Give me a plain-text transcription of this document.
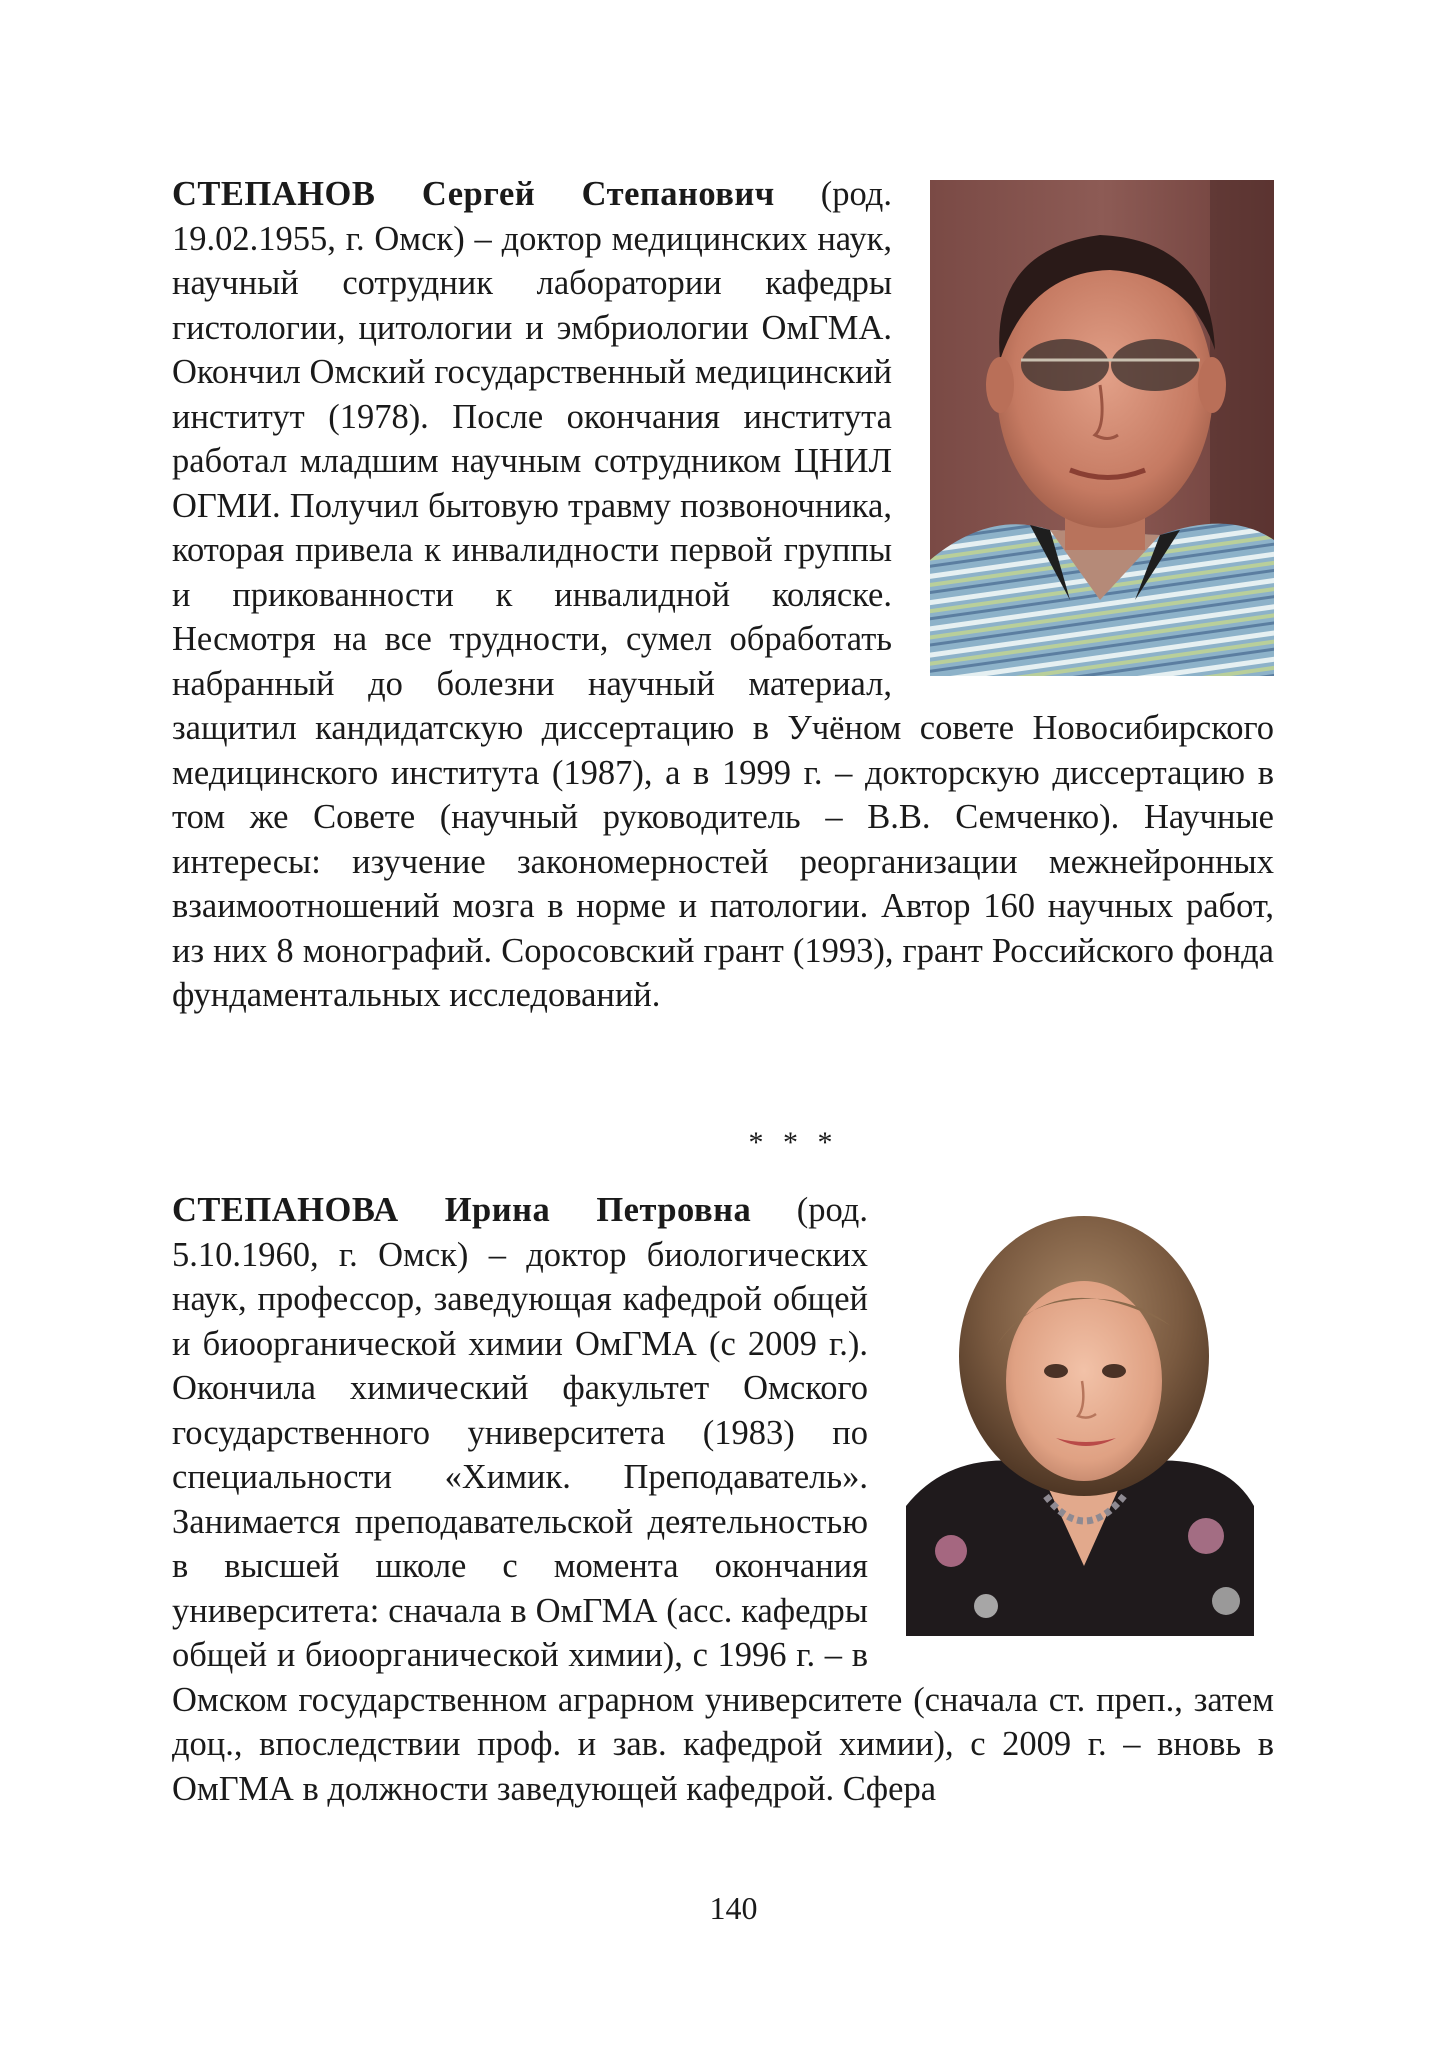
СТЕПАНОВ Сергей Степанович (род. 19.02.1955, г. Омск) – доктор медицинских наук, научный сотрудник лаборатории кафедры гистологии, цитологии и эмбриологии ОмГМА. Окончил Омский государственный медицинский институт (1978). После окончания института работал младшим научным сотрудником ЦНИЛ ОГМИ. Получил бытовую травму позвоночника, которая привела к инвалидности первой группы и прикованности к инвалидной коляске. Несмотря на все трудности, сумел обработать набранный до болезни научный материал, защитил кандидатскую диссертацию в Учёном совете Новосибирского медицинского института (1987), а в 1999 г. – докторскую диссертацию в том же Совете (научный руководитель – В.В. Семченко). Научные интересы: изучение закономерностей реорганизации межнейронных взаимоотношений мозга в норме и патологии. Автор 160 научных работ, из них 8 монографий. Соросовский грант (1993), грант Российского фонда фундаментальных исследований.

* * *

СТЕПАНОВА Ирина Петровна (род. 5.10.1960, г. Омск) – доктор биологических наук, профессор, заведующая кафедрой общей и биоорганической химии ОмГМА (с 2009 г.). Окончила химический факультет Омского государственного университета (1983) по специальности «Химик. Преподаватель». Занимается преподавательской деятельностью в высшей школе с момента окончания университета: сначала в ОмГМА (асс. кафедры общей и биоорганической химии), с 1996 г. – в Омском государственном аграрном университете (сначала ст. преп., затем доц., впоследствии проф. и зав. кафедрой химии), с 2009 г. – вновь в ОмГМА в должности заведующей кафедрой. Сфера

140
